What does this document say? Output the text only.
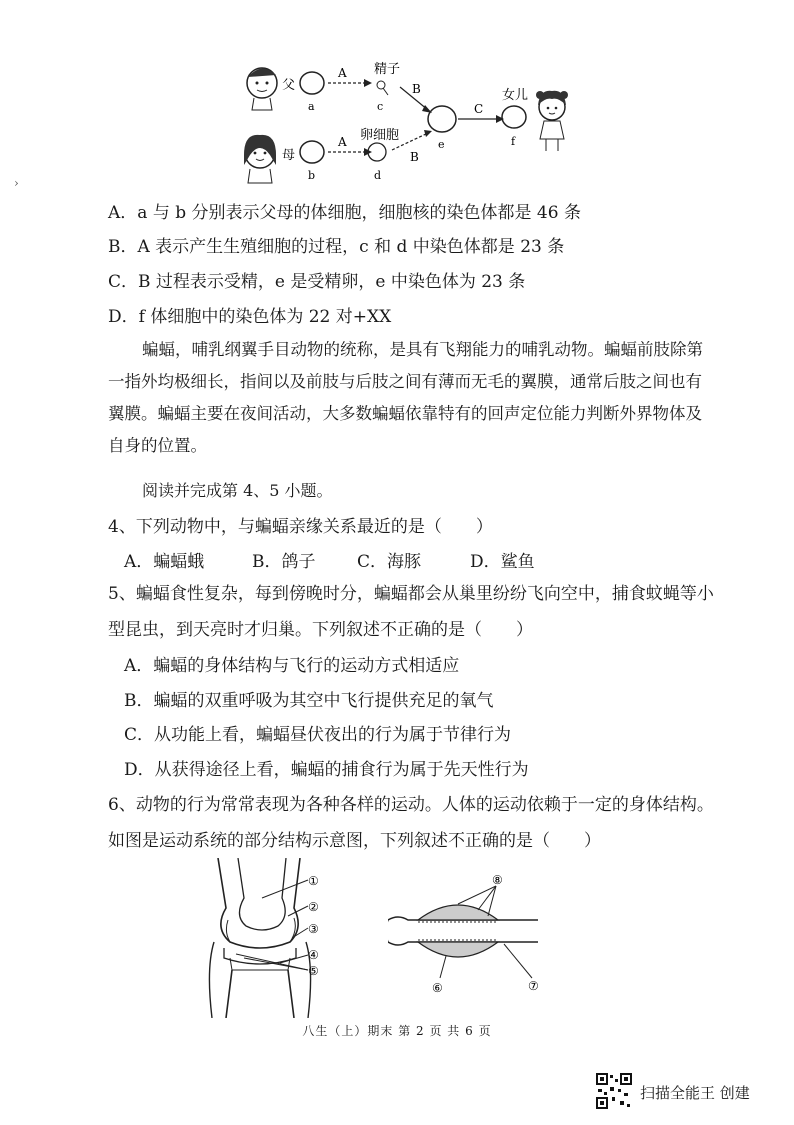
父
a
A 精子
c
B
母
b
A 卵细胞
d
B
e
C
f
女儿
›
A．a 与 b 分别表示父母的体细胞，细胞核的染色体都是 46 条
B．A 表示产生生殖细胞的过程，c 和 d 中染色体都是 23 条
C．B 过程表示受精，e 是受精卵，e 中染色体为 23 条
D．f 体细胞中的染色体为 22 对+XX
蝙蝠，哺乳纲翼手目动物的统称，是具有飞翔能力的哺乳动物。蝙蝠前肢除第一指外均极细长，指间以及前肢与后肢之间有薄而无毛的翼膜，通常后肢之间也有翼膜。蝙蝠主要在夜间活动，大多数蝙蝠依靠特有的回声定位能力判断外界物体及自身的位置。
阅读并完成第 4、5 小题。
4、下列动物中，与蝙蝠亲缘关系最近的是（　　）
A．蝙蝠蛾	B．鸽子 C．海豚	D．鲨鱼
5、蝙蝠食性复杂，每到傍晚时分，蝙蝠都会从巢里纷纷飞向空中，捕食蚊蝇等小型昆虫，到天亮时才归巢。下列叙述不正确的是（　　）
A．蝙蝠的身体结构与飞行的运动方式相适应
B．蝙蝠的双重呼吸为其空中飞行提供充足的氧气
C．从功能上看，蝙蝠昼伏夜出的行为属于节律行为
D．从获得途径上看，蝙蝠的捕食行为属于先天性行为
6、动物的行为常常表现为各种各样的运动。人体的运动依赖于一定的身体结构。如图是运动系统的部分结构示意图，下列叙述不正确的是（　　）
①
②
③
④
⑤
⑧
⑥	⑦
八生（上）期末 第 2 页 共 6 页
扫描全能王 创建
